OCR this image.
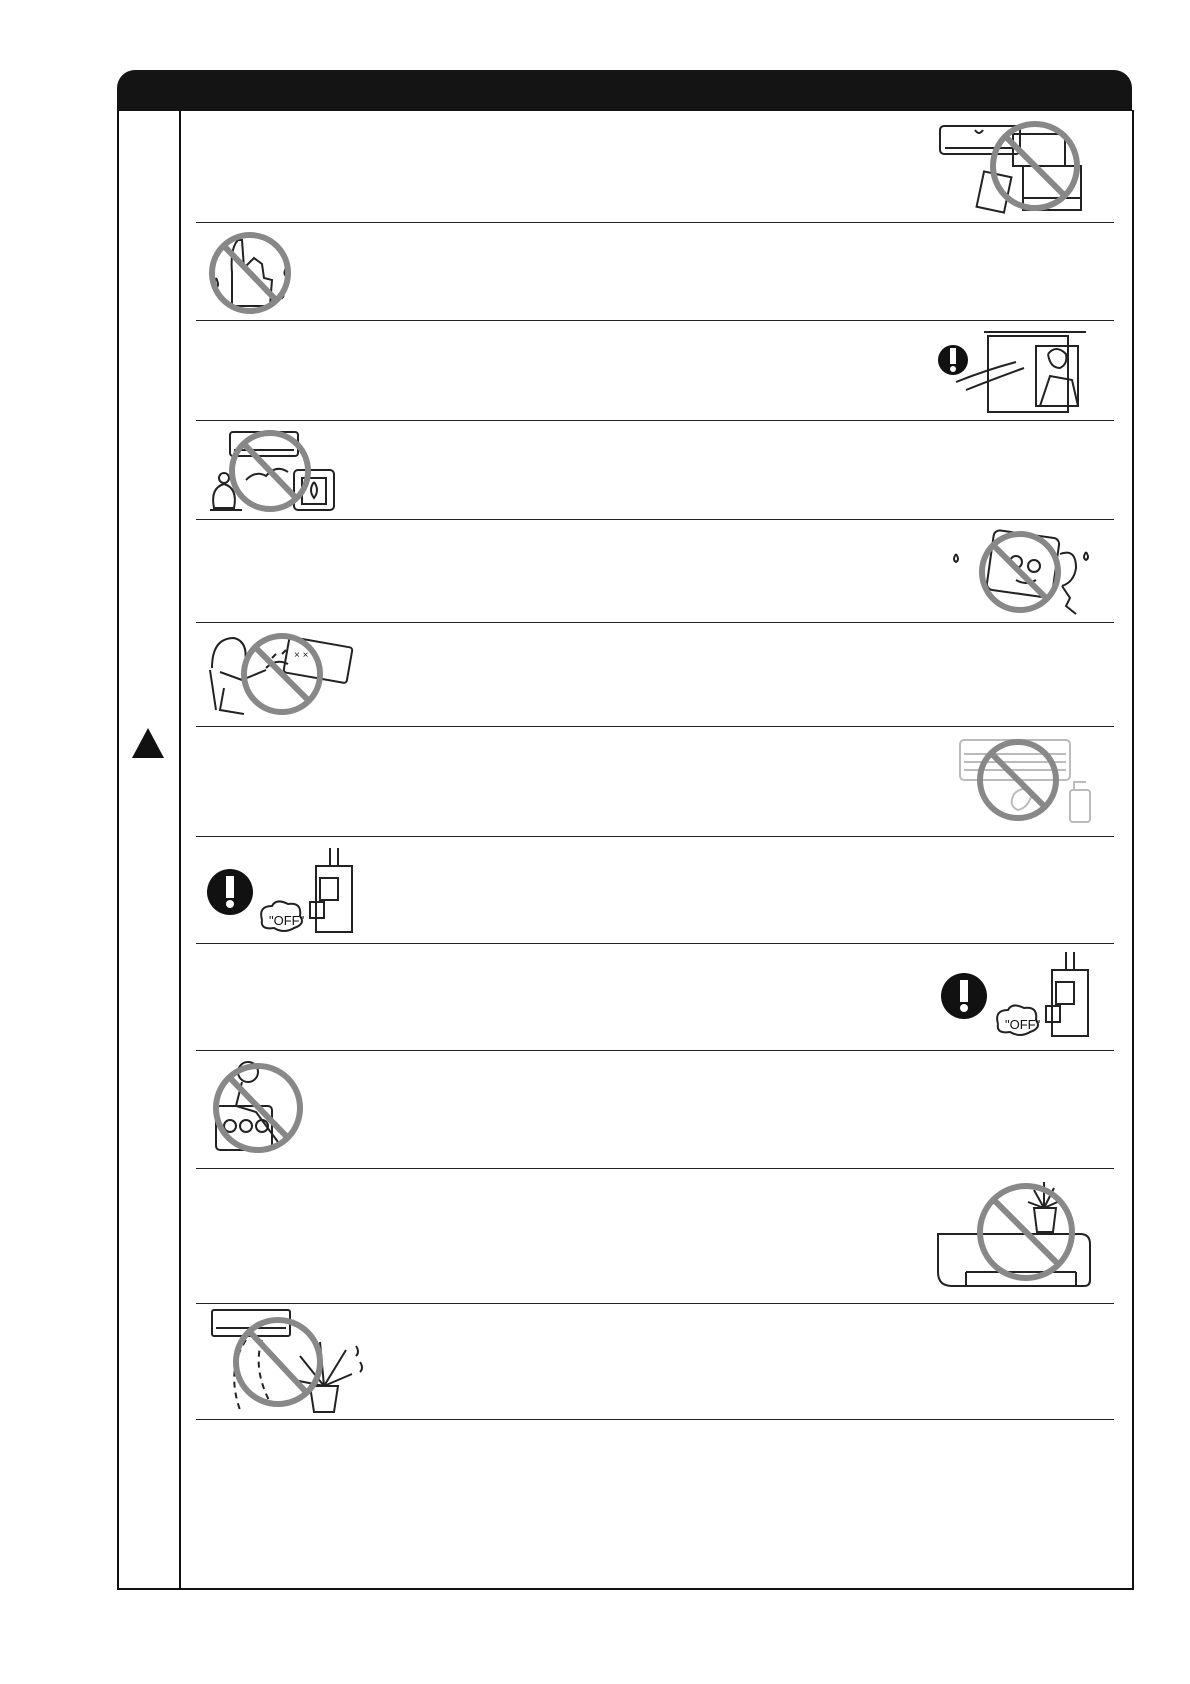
× ×
"OFF"
"OFF"
